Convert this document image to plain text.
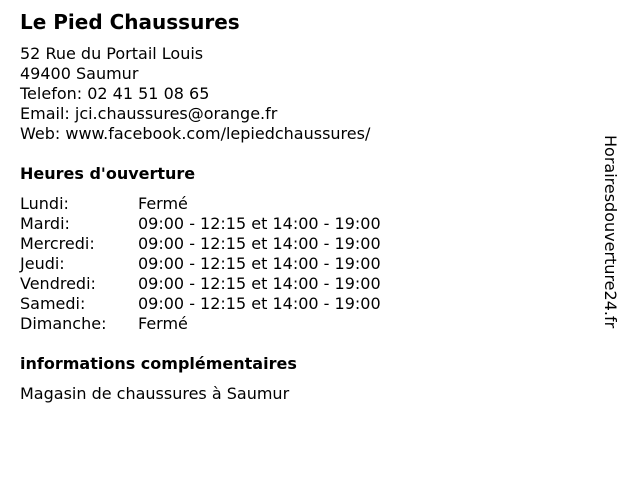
Le Pied Chaussures
52 Rue du Portail Louis
49400 Saumur
Telefon: 02 41 51 08 65
Email: jci.chaussures@orange.fr
Web: www.facebook.com/lepiedchaussures/
Heures d'ouverture
Lundi:	Fermé
Mardi:	09:00 - 12:15 et 14:00 - 19:00
Mercredi:	09:00 - 12:15 et 14:00 - 19:00
Jeudi:	09:00 - 12:15 et 14:00 - 19:00
Vendredi:	09:00 - 12:15 et 14:00 - 19:00
Samedi:	09:00 - 12:15 et 14:00 - 19:00
Dimanche: Fermé
informations complémentaires
Magasin de chaussures à Saumur
Horairesdouverture24.fr
